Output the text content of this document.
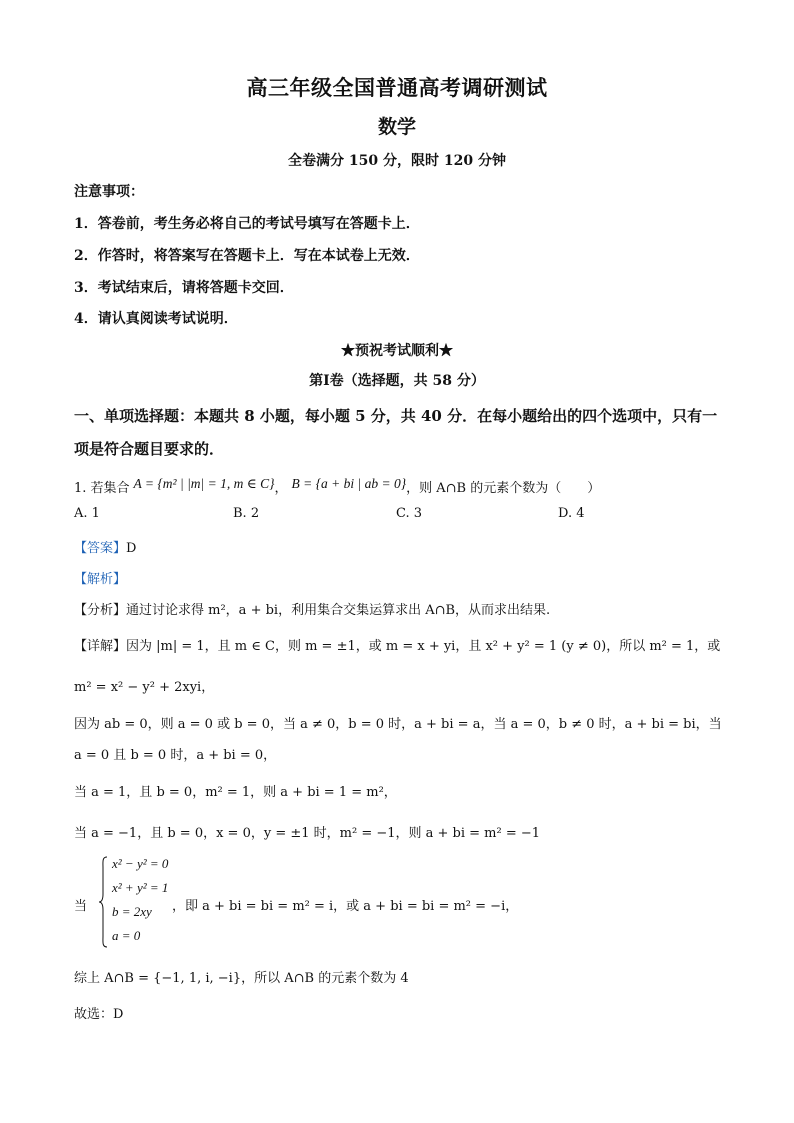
高三年级全国普通高考调研测试
数学
全卷满分 150 分，限时 120 分钟
注意事项：
1．答卷前，考生务必将自己的考试号填写在答题卡上．
2．作答时，将答案写在答题卡上．写在本试卷上无效．
3．考试结束后，请将答题卡交回．
4．请认真阅读考试说明．
★预祝考试顺利★
第Ⅰ卷（选择题，共 58 分）
一、单项选择题：本题共 8 小题，每小题 5 分，共 40 分．在每小题给出的四个选项中，只有一项是符合题目要求的．
1. 若集合 A = {m² | |m| = 1, m ∈ C}， B = {a + bi | ab = 0}，则 A∩B 的元素个数为（　　）
A. 1	B. 2	C. 3	D. 4
【答案】D
【解析】
【分析】通过讨论求得 m²，a + bi，利用集合交集运算求出 A∩B，从而求出结果.
【详解】因为 |m| = 1，且 m ∈ C，则 m = ±1，或 m = x + yi，且 x² + y² = 1 (y ≠ 0)，所以 m² = 1，或
m² = x² − y² + 2xyi，
因为 ab = 0，则 a = 0 或 b = 0，当 a ≠ 0，b = 0 时，a + bi = a，当 a = 0，b ≠ 0 时，a + bi = bi，当
a = 0 且 b = 0 时，a + bi = 0，
当 a = 1，且 b = 0，m² = 1，则 a + bi = 1 = m²，
当 a = −1，且 b = 0，x = 0，y = ±1 时，m² = −1，则 a + bi = m² = −1
当
x² − y² = 0
x² + y² = 1
b = 2xy
a = 0
，即 a + bi = bi = m² = i，或 a + bi = bi = m² = −i，
综上 A∩B = {−1, 1, i, −i}，所以 A∩B 的元素个数为 4
故选：D
